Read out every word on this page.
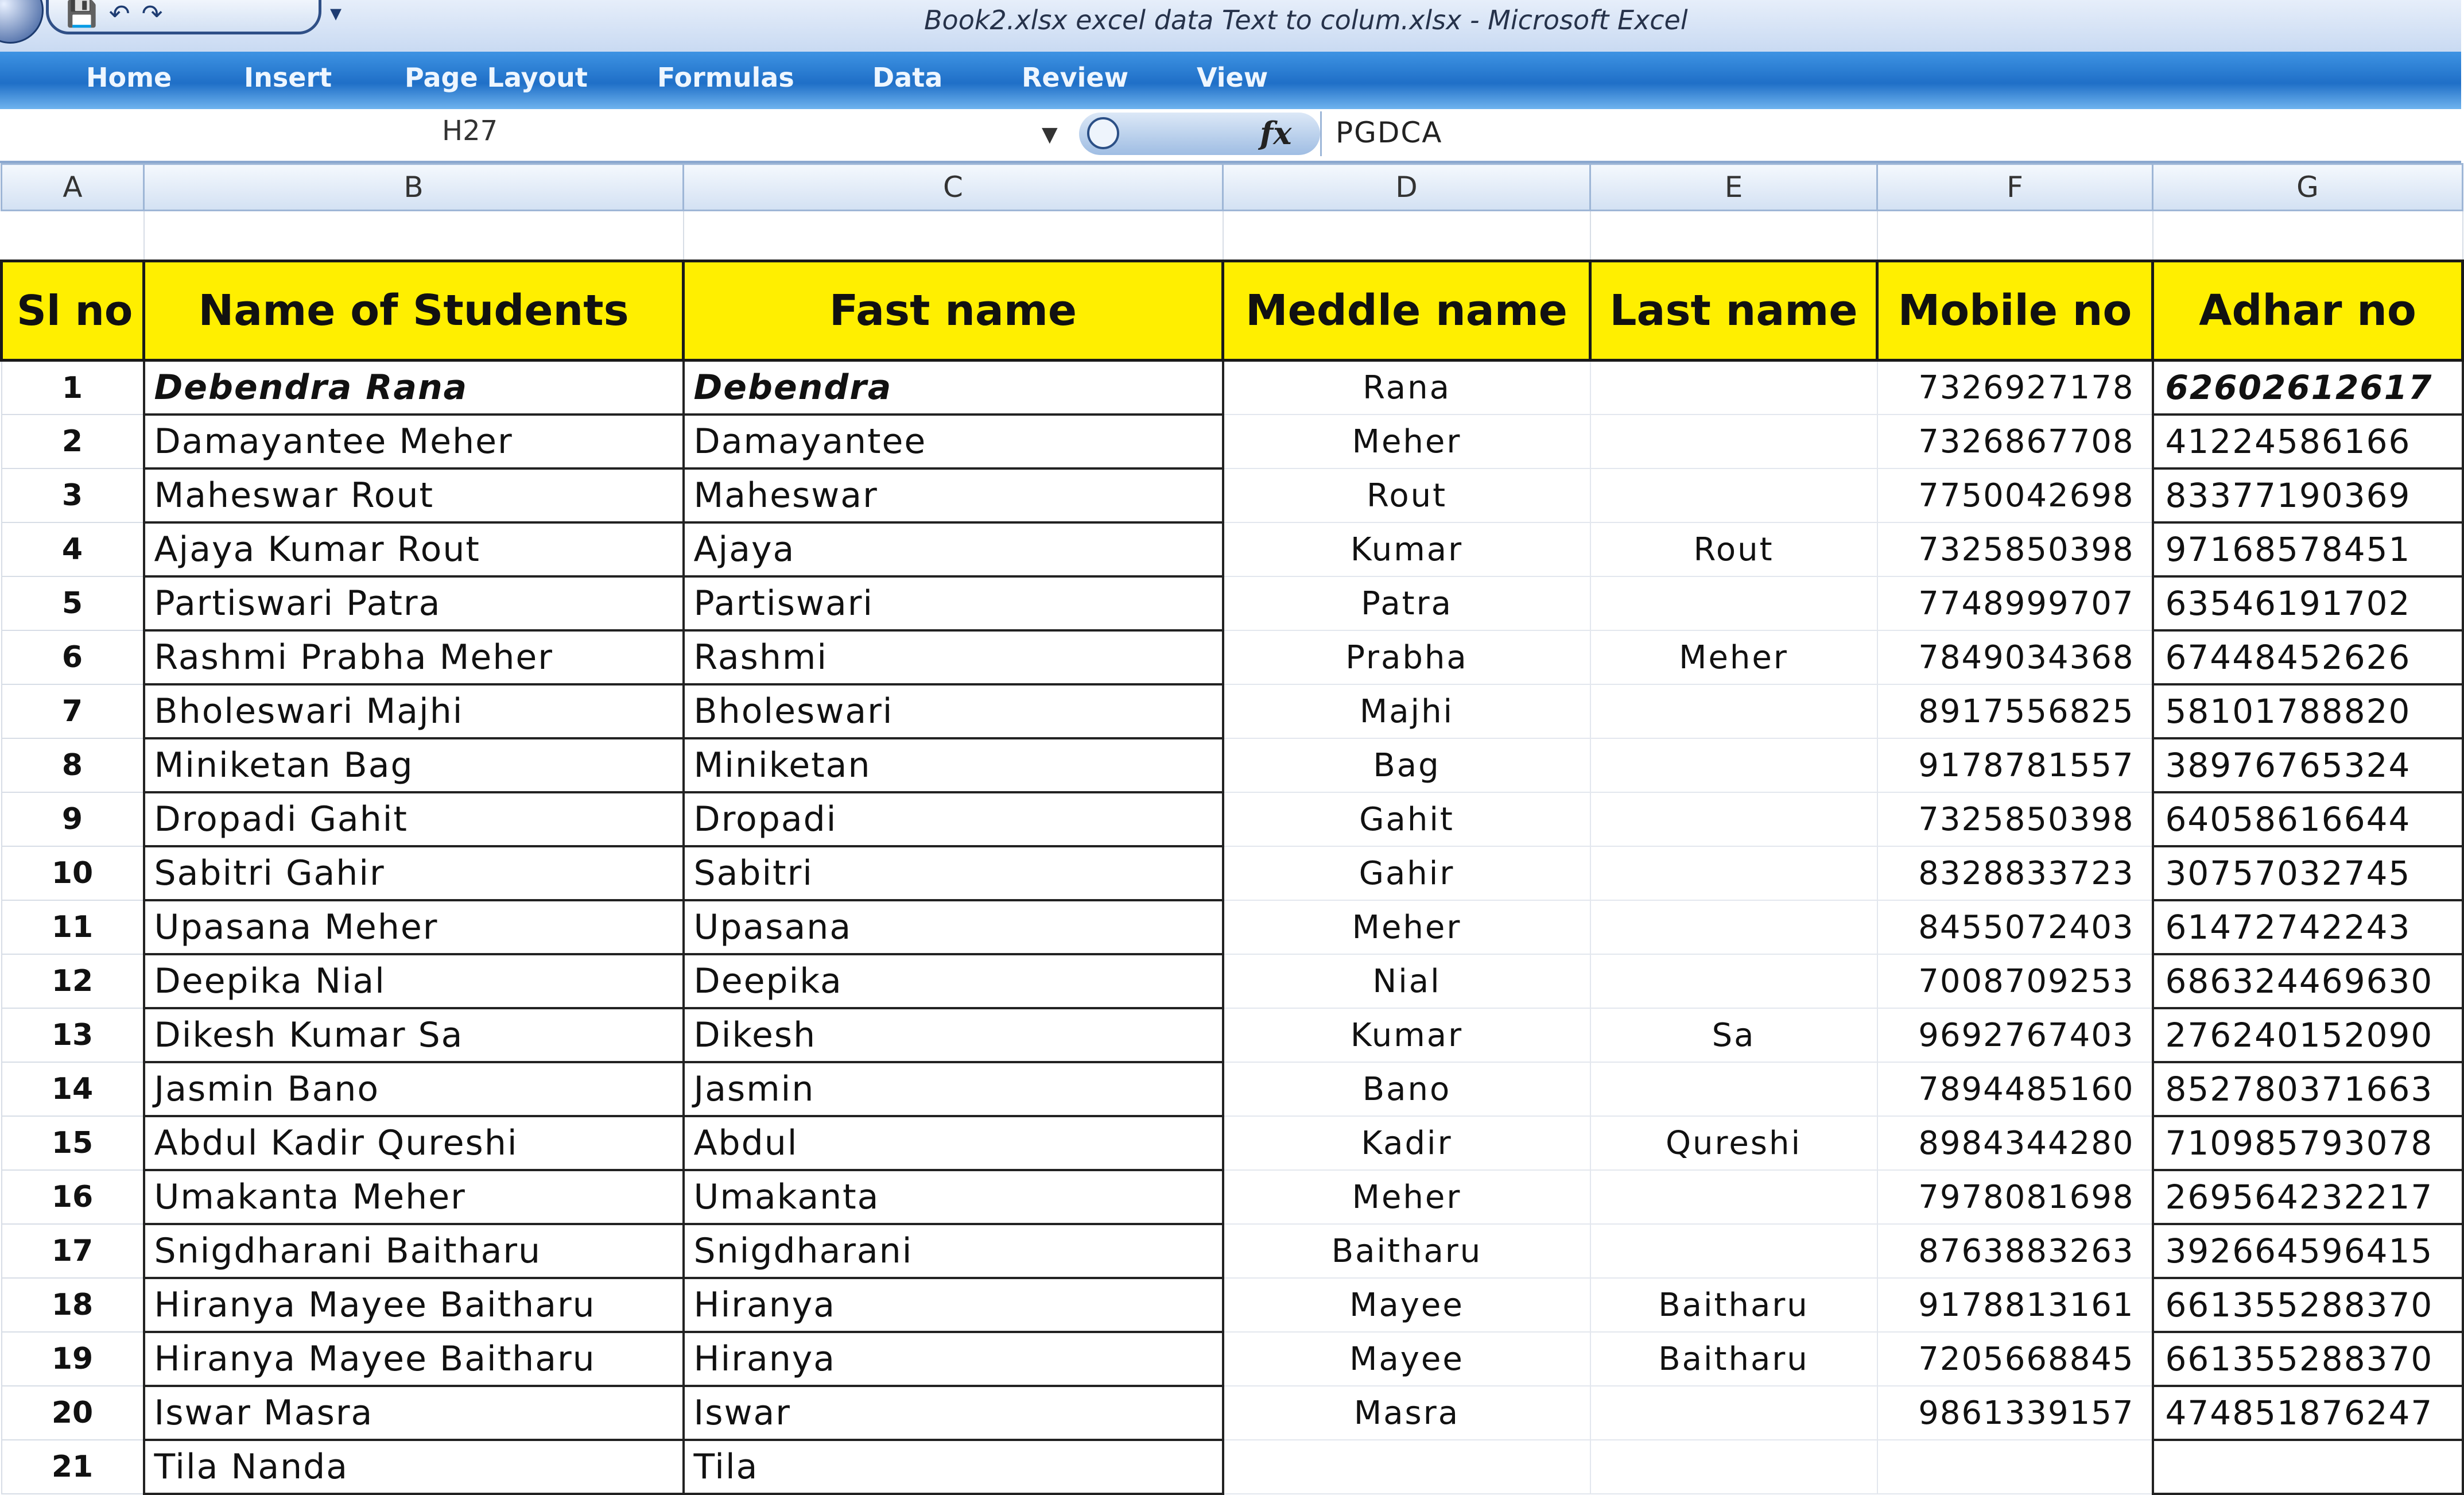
💾 ↶ ↷	▾	Book2.xlsx excel data Text to colum.xlsx - Microsoft Excel
Home	Insert	Page Layout	Formulas	Data	Review	View
H27	▼	fx PGDCA
A	B	C	D	E	F	G

Sl no	Name of Students	Fast name	Meddle name	Last name	Mobile no	Adhar no
1	Debendra Rana	Debendra	Rana		7326927178	62602612617
2	Damayantee Meher	Damayantee	Meher		7326867708	41224586166
3	Maheswar Rout	Maheswar	Rout		7750042698	83377190369
4	Ajaya Kumar Rout	Ajaya	Kumar	Rout	7325850398	97168578451
5	Partiswari Patra	Partiswari	Patra		7748999707	63546191702
6	Rashmi Prabha Meher	Rashmi	Prabha	Meher	7849034368	67448452626
7	Bholeswari Majhi	Bholeswari	Majhi		8917556825	58101788820
8	Miniketan Bag	Miniketan	Bag		9178781557	38976765324
9	Dropadi Gahit	Dropadi	Gahit		7325850398	64058616644
10	Sabitri Gahir	Sabitri	Gahir		8328833723	30757032745
11	Upasana Meher	Upasana	Meher		8455072403	61472742243
12	Deepika Nial	Deepika	Nial		7008709253	686324469630
13	Dikesh Kumar Sa	Dikesh	Kumar	Sa	9692767403	276240152090
14	Jasmin Bano	Jasmin	Bano		7894485160	852780371663
15	Abdul Kadir Qureshi	Abdul	Kadir	Qureshi	8984344280	710985793078
16	Umakanta Meher	Umakanta	Meher		7978081698	269564232217
17	Snigdharani Baitharu	Snigdharani	Baitharu		8763883263	392664596415
18	Hiranya Mayee Baitharu	Hiranya	Mayee	Baitharu	9178813161	661355288370
19	Hiranya Mayee Baitharu	Hiranya	Mayee	Baitharu	7205668845	661355288370
20	Iswar Masra	Iswar	Masra		9861339157	474851876247
21	Tila Nanda	Tila				
